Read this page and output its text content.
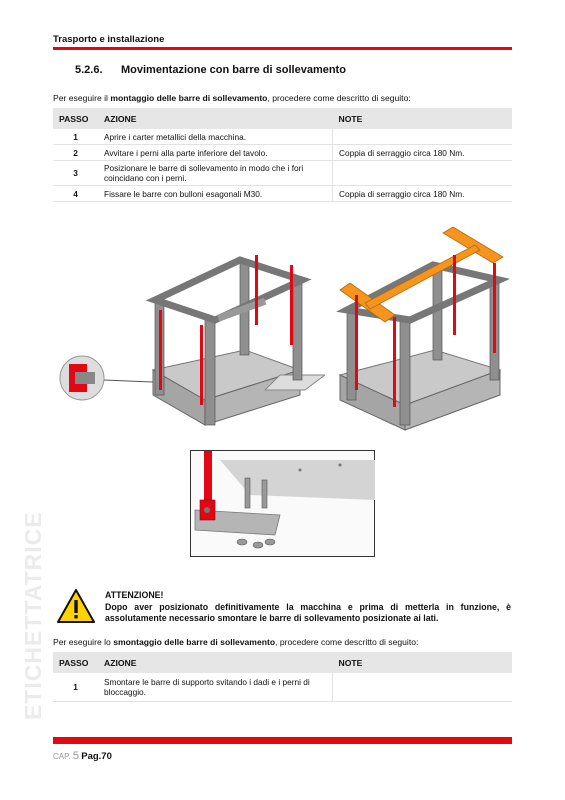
Trasporto e installazione
5.2.6. Movimentazione con barre di sollevamento
Per eseguire il montaggio delle barre di sollevamento, procedere come descritto di seguito:
PASSO	AZIONE	NOTE
1	Aprire i carter metallici della macchina.	
2	Avvitare i perni alla parte inferiore del tavolo.	Coppia di serraggio circa 180 Nm.
3	Posizionare le barre di sollevamento in modo che i fori coincidano con i perni.	
4	Fissare le barre con bulloni esagonali M30.	Coppia di serraggio circa 180 Nm.
ATTENZIONE!
Dopo aver posizionato definitivamente la macchina e prima di metterla in funzione, è assolutamente necessario smontare le barre di sollevamento posizionate ai lati.
Per eseguire lo smontaggio delle barre di sollevamento, procedere come descritto di seguito:
PASSO	AZIONE	NOTE
1	Smontare le barre di supporto svitando i dadi e i perni di bloccaggio.	
ETICHETTATRICE
CAP. 5 Pag.70
